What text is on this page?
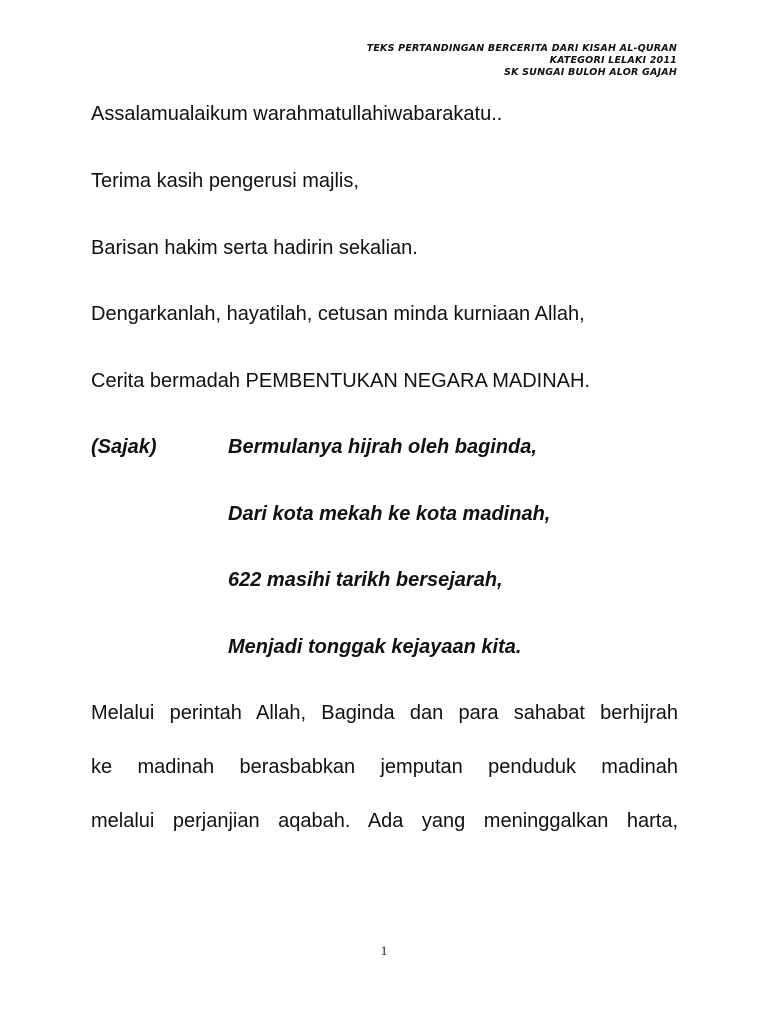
TEKS PERTANDINGAN BERCERITA DARI KISAH AL-QURAN
KATEGORI LELAKI 2011
SK SUNGAI BULOH ALOR GAJAH
Assalamualaikum warahmatullahiwabarakatu..
Terima kasih pengerusi majlis,
Barisan hakim serta hadirin sekalian.
Dengarkanlah, hayatilah, cetusan minda kurniaan Allah,
Cerita bermadah PEMBENTUKAN NEGARA MADINAH.
(Sajak)	Bermulanya hijrah oleh baginda,
Dari kota mekah ke kota madinah,
622 masihi tarikh bersejarah,
Menjadi tonggak kejayaan kita.
Melalui perintah Allah, Baginda dan para sahabat berhijrah
ke madinah berasbabkan jemputan penduduk madinah
melalui perjanjian aqabah. Ada yang meninggalkan harta,
1
